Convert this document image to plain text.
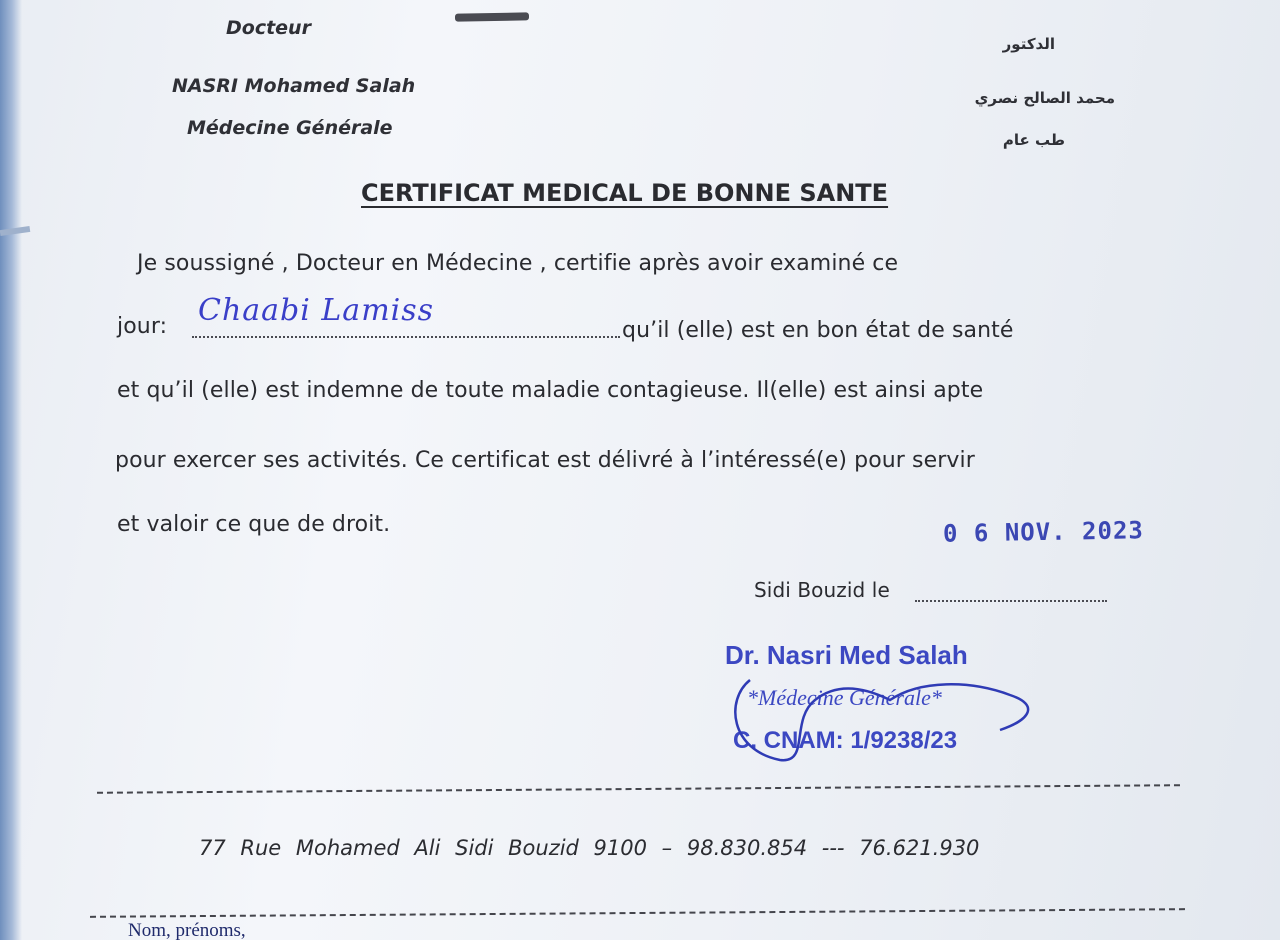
Docteur
NASRI Mohamed Salah
Médecine Générale
الدكتور
محمد الصالح نصري
طب عام
CERTIFICAT MEDICAL DE BONNE SANTE
Je soussigné , Docteur en Médecine , certifie après avoir examiné ce
jour: Chaabi Lamiss
qu’il (elle) est en bon état de santé
et qu’il (elle) est indemne de toute maladie contagieuse. Il(elle) est ainsi apte
pour exercer ses activités. Ce certificat est délivré à l’intéressé(e) pour servir
et valoir ce que de droit.	0 6 NOV. 2023
Sidi Bouzid le
Dr. Nasri Med Salah
*Médecine Générale*
C. CNAM: 1/9238/23
77 Rue Mohamed Ali Sidi Bouzid 9100 – 98.830.854 --- 76.621.930
Nom, prénoms,
